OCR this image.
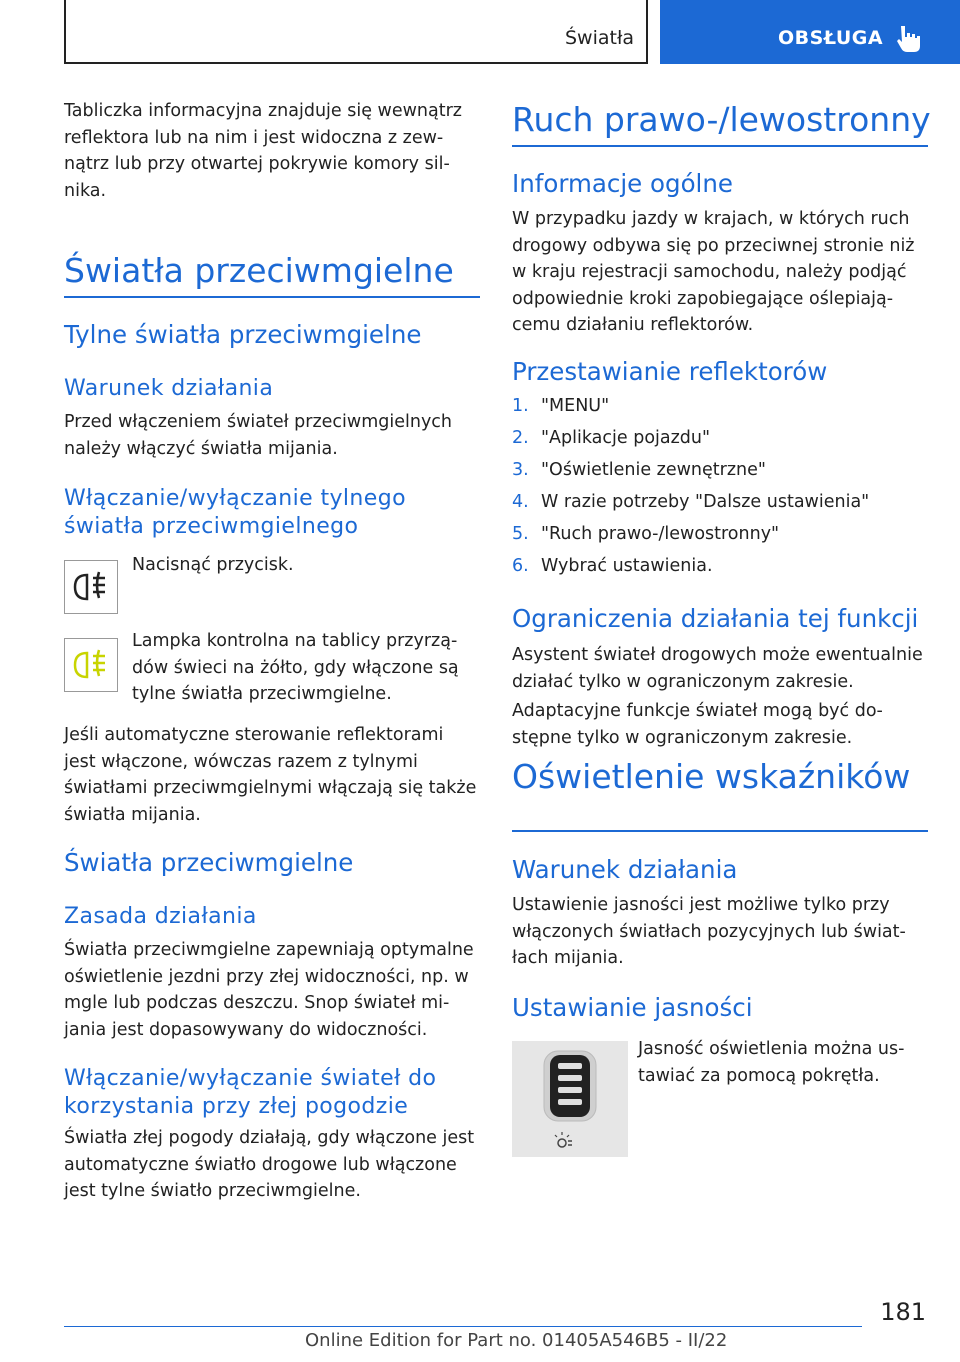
Światła	OBSŁUGA

Tabliczka informacyjna znajduje się wewnątrz reflektora lub na nim i jest widoczna z zewnątrz lub przy otwartej pokrywie komory silnika.

Światła przeciwmgielne
Tylne światła przeciwmgielne
Warunek działania

Przed włączeniem świateł przeciwmgielnych należy włączyć światła mijania.

Włączanie/wyłączanie tylnego światła przeciwmgielnego
Nacisnąć przycisk.
Lampka kontrolna na tablicy przyrządów świeci na żółto, gdy włączone są tylne światła przeciwmgielne.

Jeśli automatyczne sterowanie reflektorami jest włączone, wówczas razem z tylnymi światłami przeciwmgielnymi włączają się także światła mijania.

Światła przeciwmgielne
Zasada działania

Światła przeciwmgielne zapewniają optymalne oświetlenie jezdni przy złej widoczności, np. w mgle lub podczas deszczu. Snop świateł mijania jest dopasowywany do widoczności.

Włączanie/wyłączanie świateł do korzystania przy złej pogodzie

Światła złej pogody działają, gdy włączone jest automatyczne światło drogowe lub włączone jest tylne światło przeciwmgielne.

Ruch prawo-/lewostronny
Informacje ogólne

W przypadku jazdy w krajach, w których ruch drogowy odbywa się po przeciwnej stronie niż w kraju rejestracji samochodu, należy podjąć odpowiednie kroki zapobiegające oślepiającemu działaniu reflektorów.

Przestawianie reflektorów
1. "MENU"
2. "Aplikacje pojazdu"
3. "Oświetlenie zewnętrzne"
4. W razie potrzeby "Dalsze ustawienia"
5. "Ruch prawo-/lewostronny"
6. Wybrać ustawienia.
Ograniczenia działania tej funkcji

Asystent świateł drogowych może ewentualnie działać tylko w ograniczonym zakresie.

Adaptacyjne funkcje świateł mogą być dostępne tylko w ograniczonym zakresie.

Oświetlenie wskaźników
Warunek działania

Ustawienie jasności jest możliwe tylko przy włączonych światłach pozycyjnych lub światłach mijania.

Ustawianie jasności
Jasność oświetlenia można ustawiać za pomocą pokrętła.
181
Online Edition for Part no. 01405A546B5 - II/22
